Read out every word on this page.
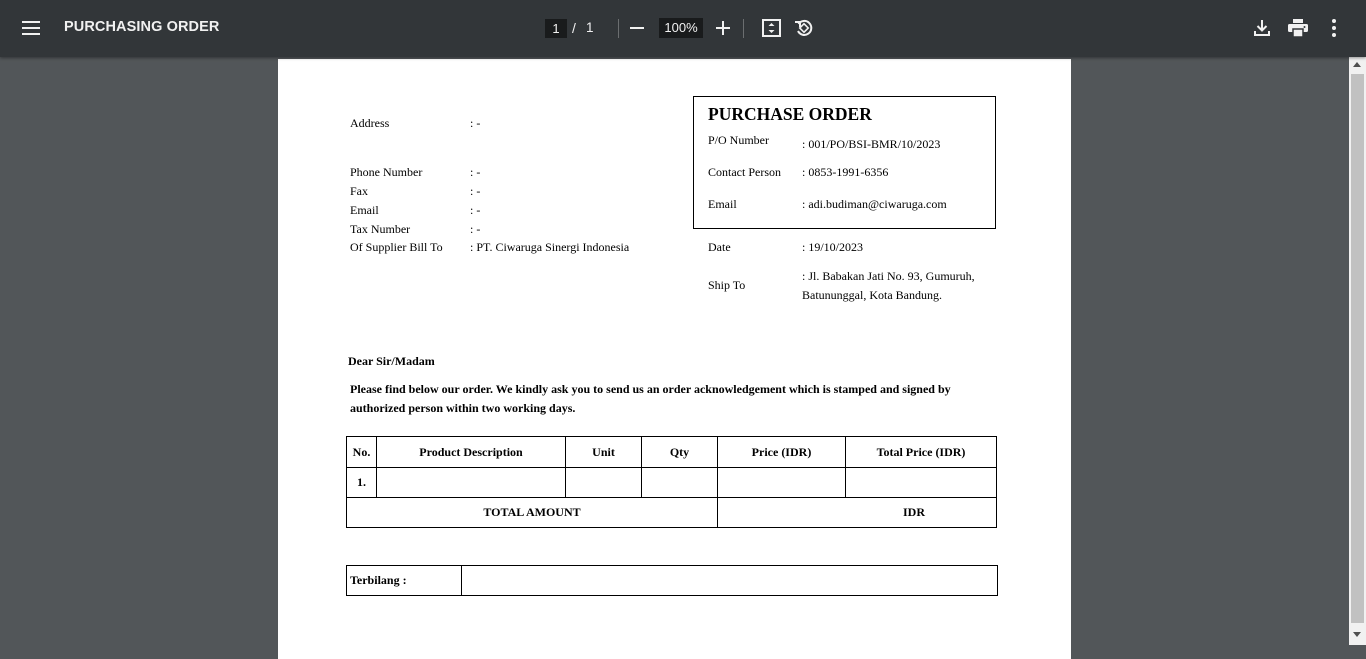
PURCHASING ORDER	1 / 1	100%
Address	: -
Phone Number	: -
Fax	: -
Email	: -
Tax Number	: -
Of Supplier Bill To : PT. Ciwaruga Sinergi Indonesia
PURCHASE ORDER
P/O Number	: 001/PO/BSI-BMR/10/2023
Contact Person : 0853-1991-6356
Email	: adi.budiman@ciwaruga.com
Date	: 19/10/2023
Ship To
: Jl. Babakan Jati No. 93, Gumuruh,
Batununggal, Kota Bandung.
Dear Sir/Madam
Please find below our order. We kindly ask you to send us an order acknowledgement which is stamped and signed by
authorized person within two working days.
No.	Product Description	Unit	Qty	Price (IDR)	Total Price (IDR)
1.					
TOTAL AMOUNT				IDR	
Terbilang :	
